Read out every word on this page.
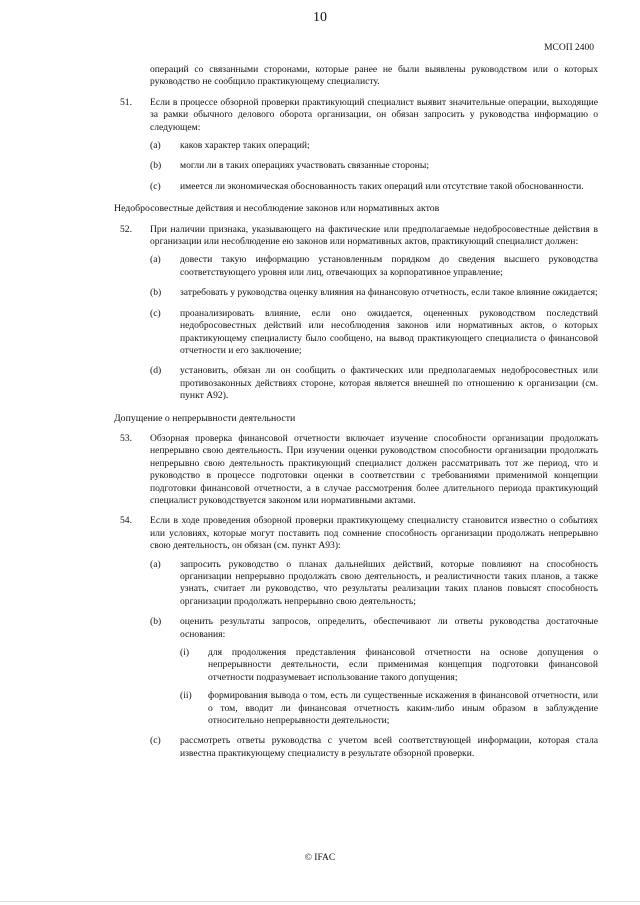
10
МСОП 2400
операций со связанными сторонами, которые ранее не были выявлены руководством или о которых руководство не сообщило практикующему специалисту.
51. Если в процессе обзорной проверки практикующий специалист выявит значительные операции, выходящие за рамки обычного делового оборота организации, он обязан запросить у руководства информацию о следующем:
(a) каков характер таких операций;
(b) могли ли в таких операциях участвовать связанные стороны;
(c) имеется ли экономическая обоснованность таких операций или отсутствие такой обоснованности.
Недобросовестные действия и несоблюдение законов или нормативных актов
52. При наличии признака, указывающего на фактические или предполагаемые недобросовестные действия в организации или несоблюдение ею законов или нормативных актов, практикующий специалист должен:
(a) довести такую информацию установленным порядком до сведения высшего руководства соответствующего уровня или лиц, отвечающих за корпоративное управление;
(b) затребовать у руководства оценку влияния на финансовую отчетность, если такое влияние ожидается;
(c) проанализировать влияние, если оно ожидается, оцененных руководством последствий недобросовестных действий или несоблюдения законов или нормативных актов, о которых практикующему специалисту было сообщено, на вывод практикующего специалиста о финансовой отчетности и его заключение;
(d) установить, обязан ли он сообщить о фактических или предполагаемых недобросовестных или противозаконных действиях стороне, которая является внешней по отношению к организации (см. пункт А92).
Допущение о непрерывности деятельности
53. Обзорная проверка финансовой отчетности включает изучение способности организации продолжать непрерывно свою деятельность. При изучении оценки руководством способности организации продолжать непрерывно свою деятельность практикующий специалист должен рассматривать тот же период, что и руководство в процессе подготовки оценки в соответствии с требованиями применимой концепции подготовки финансовой отчетности, а в случае рассмотрения более длительного периода практикующий специалист руководствуется законом или нормативными актами.
54. Если в ходе проведения обзорной проверки практикующему специалисту становится известно о событиях или условиях, которые могут поставить под сомнение способность организации продолжать непрерывно свою деятельность, он обязан (см. пункт А93):
(a) запросить руководство о планах дальнейших действий, которые повлияют на способность организации непрерывно продолжать свою деятельность, и реалистичности таких планов, а также узнать, считает ли руководство, что результаты реализации таких планов повысят способность организации продолжать непрерывно свою деятельность;
(b) оценить результаты запросов, определить, обеспечивают ли ответы руководства достаточные основания:
(i) для продолжения представления финансовой отчетности на основе допущения о непрерывности деятельности, если применимая концепция подготовки финансовой отчетности подразумевает использование такого допущения;
(ii) формирования вывода о том, есть ли существенные искажения в финансовой отчетности, или о том, вводит ли финансовая отчетность каким-либо иным образом в заблуждение относительно непрерывности деятельности;
(c) рассмотреть ответы руководства с учетом всей соответствующей информации, которая стала известна практикующему специалисту в результате обзорной проверки.
© IFAC
